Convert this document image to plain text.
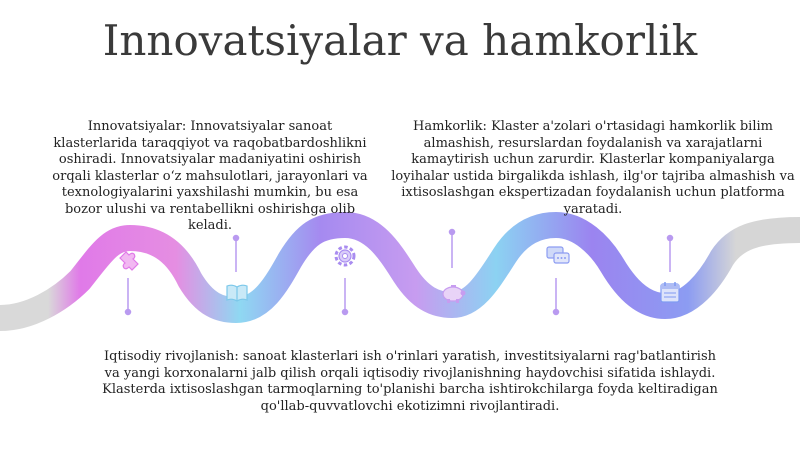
Innovatsiyalar va hamkorlik
Innovatsiyalar: Innovatsiyalar sanoat klasterlarida taraqqiyot va raqobatbardoshlikni oshiradi. Innovatsiyalar madaniyatini oshirish orqali klasterlar o‘z mahsulotlari, jarayonlari va texnologiyalarini yaxshilashi mumkin, bu esa bozor ulushi va rentabellikni oshirishga olib keladi.
Hamkorlik: Klaster a'zolari o'rtasidagi hamkorlik bilim almashish, resurslardan foydalanish va xarajatlarni kamaytirish uchun zarurdir. Klasterlar kompaniyalarga loyihalar ustida birgalikda ishlash, ilg'or tajriba almashish va ixtisoslashgan ekspertizadan foydalanish uchun platforma yaratadi.
Iqtisodiy rivojlanish: sanoat klasterlari ish o'rinlari yaratish, investitsiyalarni rag'batlantirish va yangi korxonalarni jalb qilish orqali iqtisodiy rivojlanishning haydovchisi sifatida ishlaydi. Klasterda ixtisoslashgan tarmoqlarning to'planishi barcha ishtirokchilarga foyda keltiradigan qo'llab-quvvatlovchi ekotizimni rivojlantiradi.
